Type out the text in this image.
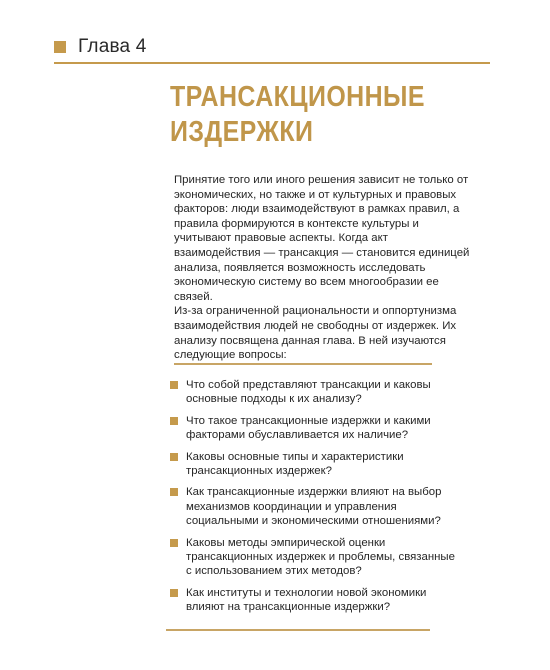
Глава 4
ТРАНСАКЦИОННЫЕ
ИЗДЕРЖКИ

Принятие того или иного решения зависит не только от экономических, но также и от культурных и правовых факторов: люди взаимодействуют в рамках правил, а правила формируются в контексте культуры и учитывают правовые аспекты. Когда акт взаимодействия — трансакция — становится единицей анализа, появляется возможность исследовать экономическую систему во всем многообразии ее связей.

Из-за ограниченной рациональности и оппортунизма взаимодействия людей не свободны от издержек. Их анализу посвящена данная глава. В ней изучаются следующие вопросы:

Что собой представляют трансакции и каковы основные подходы к их анализу?
Что такое трансакционные издержки и какими факторами обуславливается их наличие?
Каковы основные типы и характеристики трансакционных издержек?
Как трансакционные издержки влияют на выбор механизмов координации и управления социальными и экономическими отношениями?
Каковы методы эмпирической оценки трансакционных издержек и проблемы, связанные с использованием этих методов?
Как институты и технологии новой экономики влияют на трансакционные издержки?
